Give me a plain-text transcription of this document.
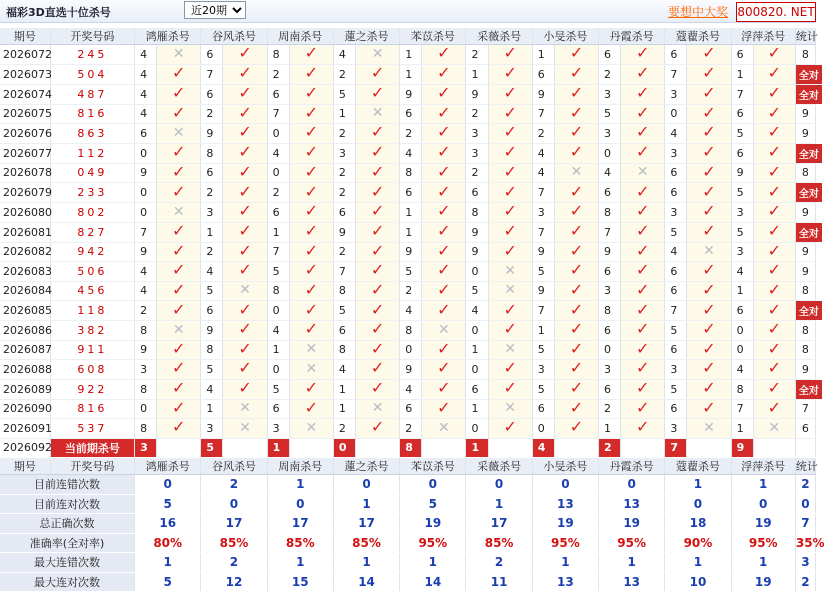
福彩3D直选十位杀号
近20期	要想中大奖 800820. NET
期号	开奖号码	鸿雁杀号		谷风杀号		周南杀号		蓮之杀号		苯苡杀号		采薇杀号		小旻杀号		丹霞杀号		蔻藋杀号		浮萍杀号		统计
2026072	245	4	✕	6	✓	8	✓	4	✕	1	✓	2	✓	1	✓	6	✓	6	✓	6	✓	8
2026073	504	4	✓	7	✓	2	✓	2	✓	1	✓	1	✓	6	✓	2	✓	7	✓	1	✓	全对
2026074	487	4	✓	6	✓	6	✓	5	✓	9	✓	9	✓	9	✓	3	✓	3	✓	7	✓	全对
2026075	816	4	✓	2	✓	7	✓	1	✕	6	✓	2	✓	7	✓	5	✓	0	✓	6	✓	9
2026076	863	6	✕	9	✓	0	✓	2	✓	2	✓	3	✓	2	✓	3	✓	4	✓	5	✓	9
2026077	112	0	✓	8	✓	4	✓	3	✓	4	✓	3	✓	4	✓	0	✓	3	✓	6	✓	全对
2026078	049	9	✓	6	✓	0	✓	2	✓	8	✓	2	✓	4	✕	4	✕	6	✓	9	✓	8
2026079	233	0	✓	2	✓	2	✓	2	✓	6	✓	6	✓	7	✓	6	✓	6	✓	5	✓	全对
2026080	802	0	✕	3	✓	6	✓	6	✓	1	✓	8	✓	3	✓	8	✓	3	✓	3	✓	9
2026081	827	7	✓	1	✓	1	✓	9	✓	1	✓	9	✓	7	✓	7	✓	5	✓	5	✓	全对
2026082	942	9	✓	2	✓	7	✓	2	✓	9	✓	9	✓	9	✓	9	✓	4	✕	3	✓	9
2026083	506	4	✓	4	✓	5	✓	7	✓	5	✓	0	✕	5	✓	6	✓	6	✓	4	✓	9
2026084	456	4	✓	5	✕	8	✓	8	✓	2	✓	5	✕	9	✓	3	✓	6	✓	1	✓	8
2026085	118	2	✓	6	✓	0	✓	5	✓	4	✓	4	✓	7	✓	8	✓	7	✓	6	✓	全对
2026086	382	8	✕	9	✓	4	✓	6	✓	8	✕	0	✓	1	✓	6	✓	5	✓	0	✓	8
2026087	911	9	✓	8	✓	1	✕	8	✓	0	✓	1	✕	5	✓	0	✓	6	✓	0	✓	8
2026088	608	3	✓	5	✓	0	✕	4	✓	9	✓	0	✓	3	✓	3	✓	3	✓	4	✓	9
2026089	922	8	✓	4	✓	5	✓	1	✓	4	✓	6	✓	5	✓	6	✓	5	✓	8	✓	全对
2026090	816	0	✓	1	✕	6	✓	1	✕	6	✓	1	✕	6	✓	2	✓	6	✓	7	✓	7
2026091	537	8	✓	3	✕	3	✕	2	✓	2	✕	0	✓	0	✓	1	✓	3	✕	1	✕	6
2026092	当前期杀号	3		5		1		0		8		1		4		2		7		9		
期号	开奖号码	鸿雁杀号		谷风杀号		周南杀号		蓮之杀号		苯苡杀号		采薇杀号		小旻杀号		丹霞杀号		蔻藋杀号		浮萍杀号		统计
目前连错次数		0		2		1		0		0		0		0		0		1		1		2
目前连对次数		5		0		0		1		5		1		13		13		0		0		0
总正确次数		16		17		17		17		19		17		19		19		18		19		7
准确率(全对率)		80%		85%		85%		85%		95%		85%		95%		95%		90%		95%		35%
最大连错次数		1		2		1		1		1		2		1		1		1		1		3
最大连对次数		5		12		15		14		14		11		13		13		10		19		2
